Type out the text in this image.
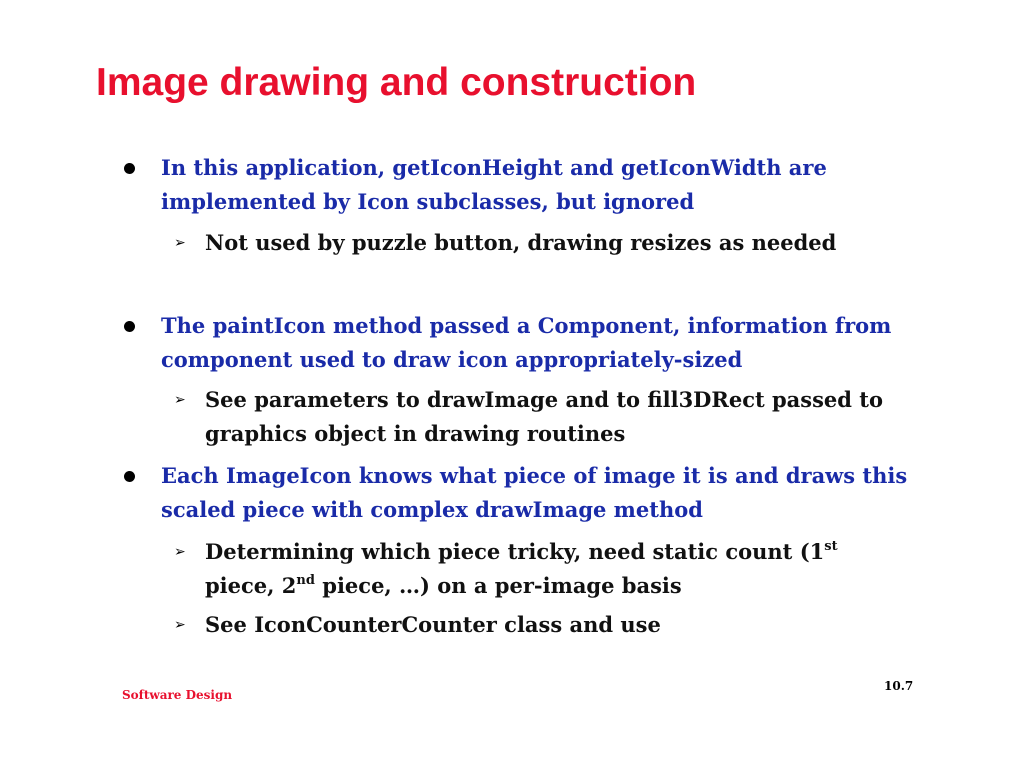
Image drawing and construction
In this application, getIconHeight and getIconWidth are implemented by Icon subclasses, but ignored
➢ Not used by puzzle button, drawing resizes as needed
The paintIcon method passed a Component, information from component used to draw icon appropriately-sized
➢ See parameters to drawImage and to fill3DRect passed to graphics object in drawing routines
Each ImageIcon knows what piece of image it is and draws this scaled piece with complex drawImage method
➢ Determining which piece tricky, need static count (1st
piece, 2nd piece, …) on a per-image basis
➢ See IconCounterCounter class and use
Software Design
10.7
